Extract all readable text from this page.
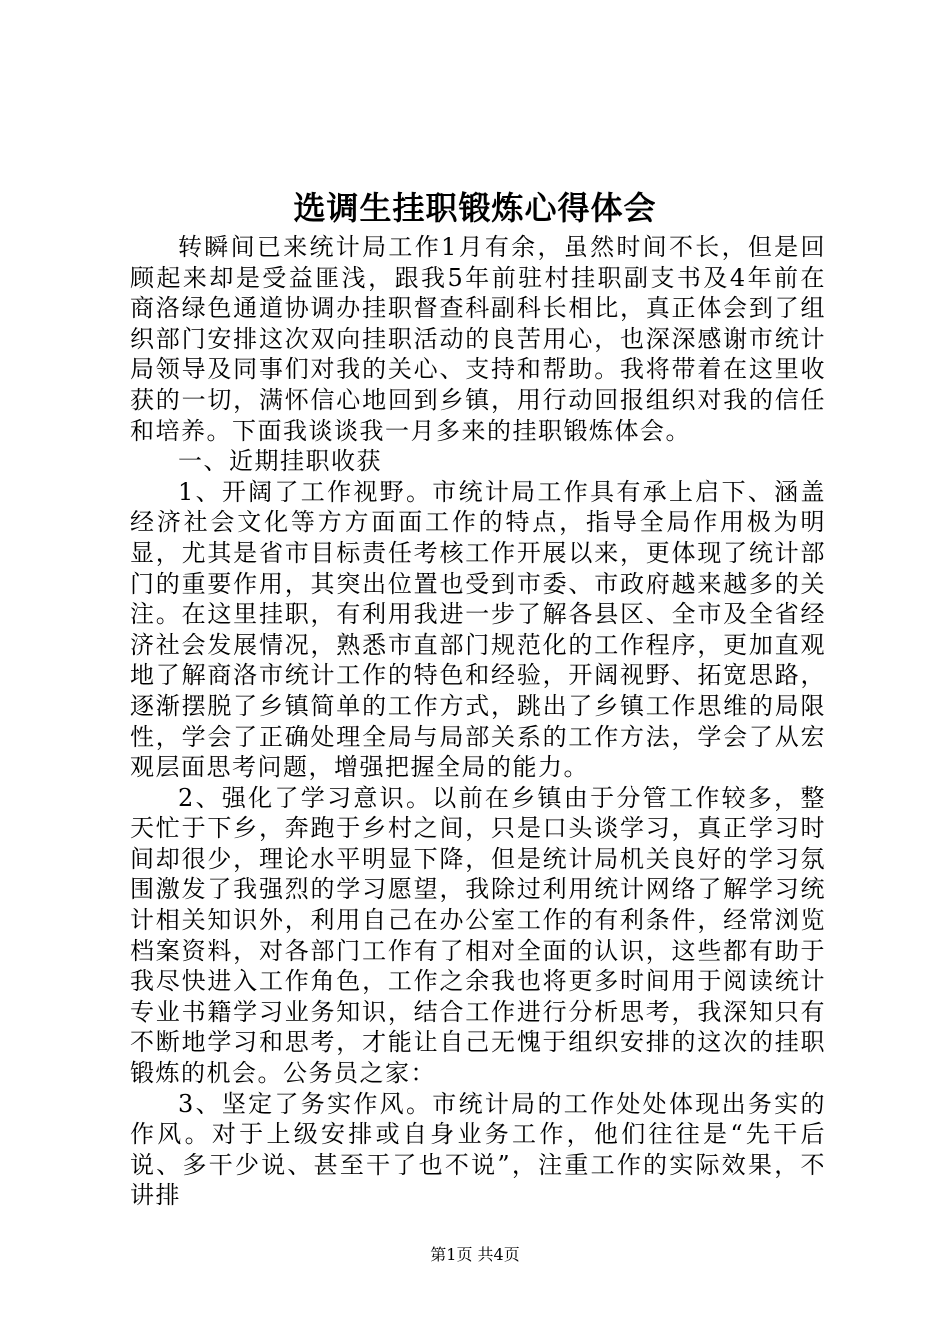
选调生挂职锻炼心得体会

转瞬间已来统计局工作1月有余，虽然时间不长，但是回顾起来却是受益匪浅，跟我5年前驻村挂职副支书及4年前在商洛绿色通道协调办挂职督查科副科长相比，真正体会到了组织部门安排这次双向挂职活动的良苦用心，也深深感谢市统计局领导及同事们对我的关心、支持和帮助。我将带着在这里收获的一切，满怀信心地回到乡镇，用行动回报组织对我的信任和培养。下面我谈谈我一月多来的挂职锻炼体会。

一、近期挂职收获

1、开阔了工作视野。市统计局工作具有承上启下、涵盖经济社会文化等方方面面工作的特点，指导全局作用极为明显，尤其是省市目标责任考核工作开展以来，更体现了统计部门的重要作用，其突出位置也受到市委、市政府越来越多的关注。在这里挂职，有利用我进一步了解各县区、全市及全省经济社会发展情况，熟悉市直部门规范化的工作程序，更加直观地了解商洛市统计工作的特色和经验，开阔视野、拓宽思路，逐渐摆脱了乡镇简单的工作方式，跳出了乡镇工作思维的局限性，学会了正确处理全局与局部关系的工作方法，学会了从宏观层面思考问题，增强把握全局的能力。

2、强化了学习意识。以前在乡镇由于分管工作较多，整天忙于下乡，奔跑于乡村之间，只是口头谈学习，真正学习时间却很少，理论水平明显下降，但是统计局机关良好的学习氛围激发了我强烈的学习愿望，我除过利用统计网络了解学习统计相关知识外，利用自己在办公室工作的有利条件，经常浏览档案资料，对各部门工作有了相对全面的认识，这些都有助于我尽快进入工作角色，工作之余我也将更多时间用于阅读统计专业书籍学习业务知识，结合工作进行分析思考，我深知只有不断地学习和思考，才能让自己无愧于组织安排的这次的挂职锻炼的机会。公务员之家：

3、坚定了务实作风。市统计局的工作处处体现出务实的作风。对于上级安排或自身业务工作，他们往往是“先干后说、多干少说、甚至干了也不说”，注重工作的实际效果，不讲排

第1页 共4页
